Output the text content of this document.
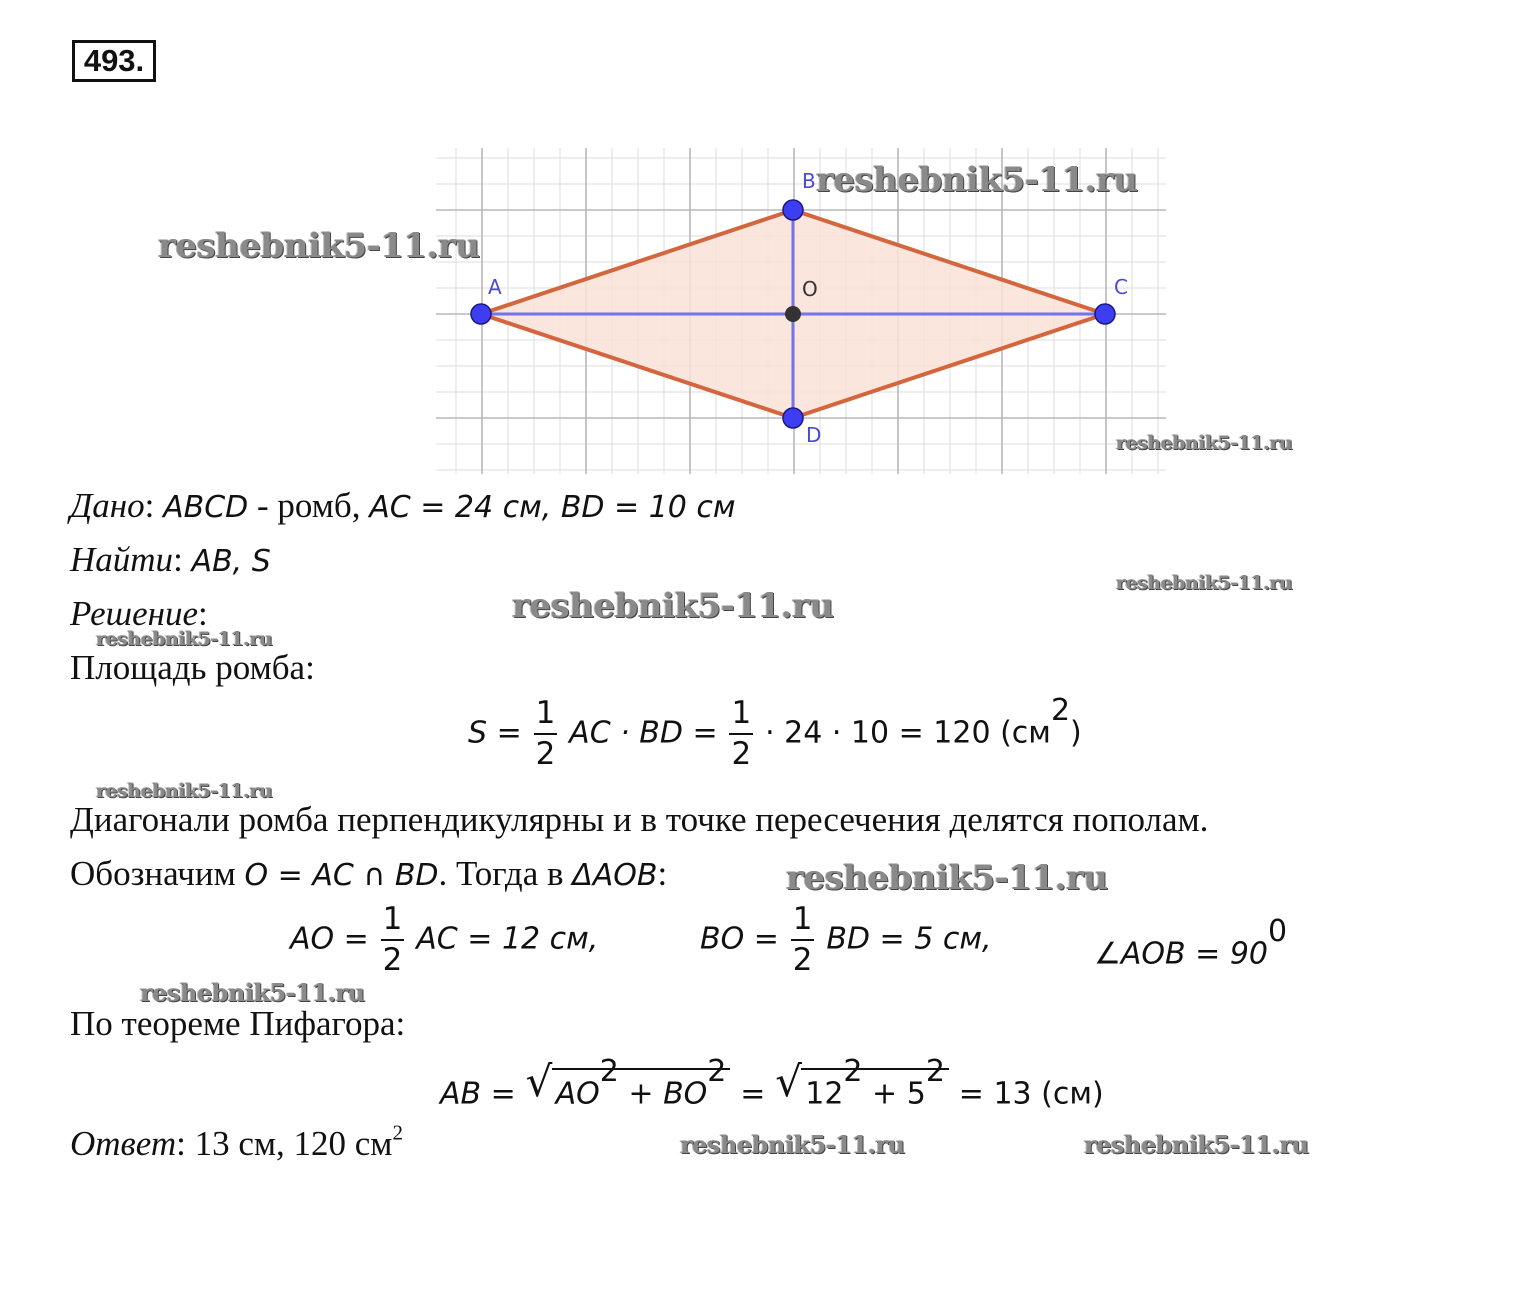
493.
A
B
C
D
O
reshebnik5-11.ru
reshebnik5-11.ru
reshebnik5-11.ru
reshebnik5-11.ru
reshebnik5-11.ru
reshebnik5-11.ru
reshebnik5-11.ru
reshebnik5-11.ru
reshebnik5-11.ru
reshebnik5-11.ru	reshebnik5-11.ru
Дано: ABCD - ромб, AC = 24 см, BD = 10 см
Найти: AB, S
Решение:
Площадь ромба:
$S = \frac{1}{2}$ AC · BD = $\frac{1}{2} \cdot 24 \cdot 10 = 120$ $(см^2)$
Диагонали ромба перпендикулярны и в точке пересечения делятся пополам.
Обозначим O = AC ∩ BD. Тогда в ΔAOB:
AO = $\frac{1}{2}$ AC = 12 см,	BO = $\frac{1}{2}$ BD = 5 см,	∠AOB = $90^0$
По теореме Пифагора:
AB = √ $AO^2 + BO^2$ = √ $12^2 + 5^2 = 13$ (см)
Ответ: 13 см, 120 $см^2$
